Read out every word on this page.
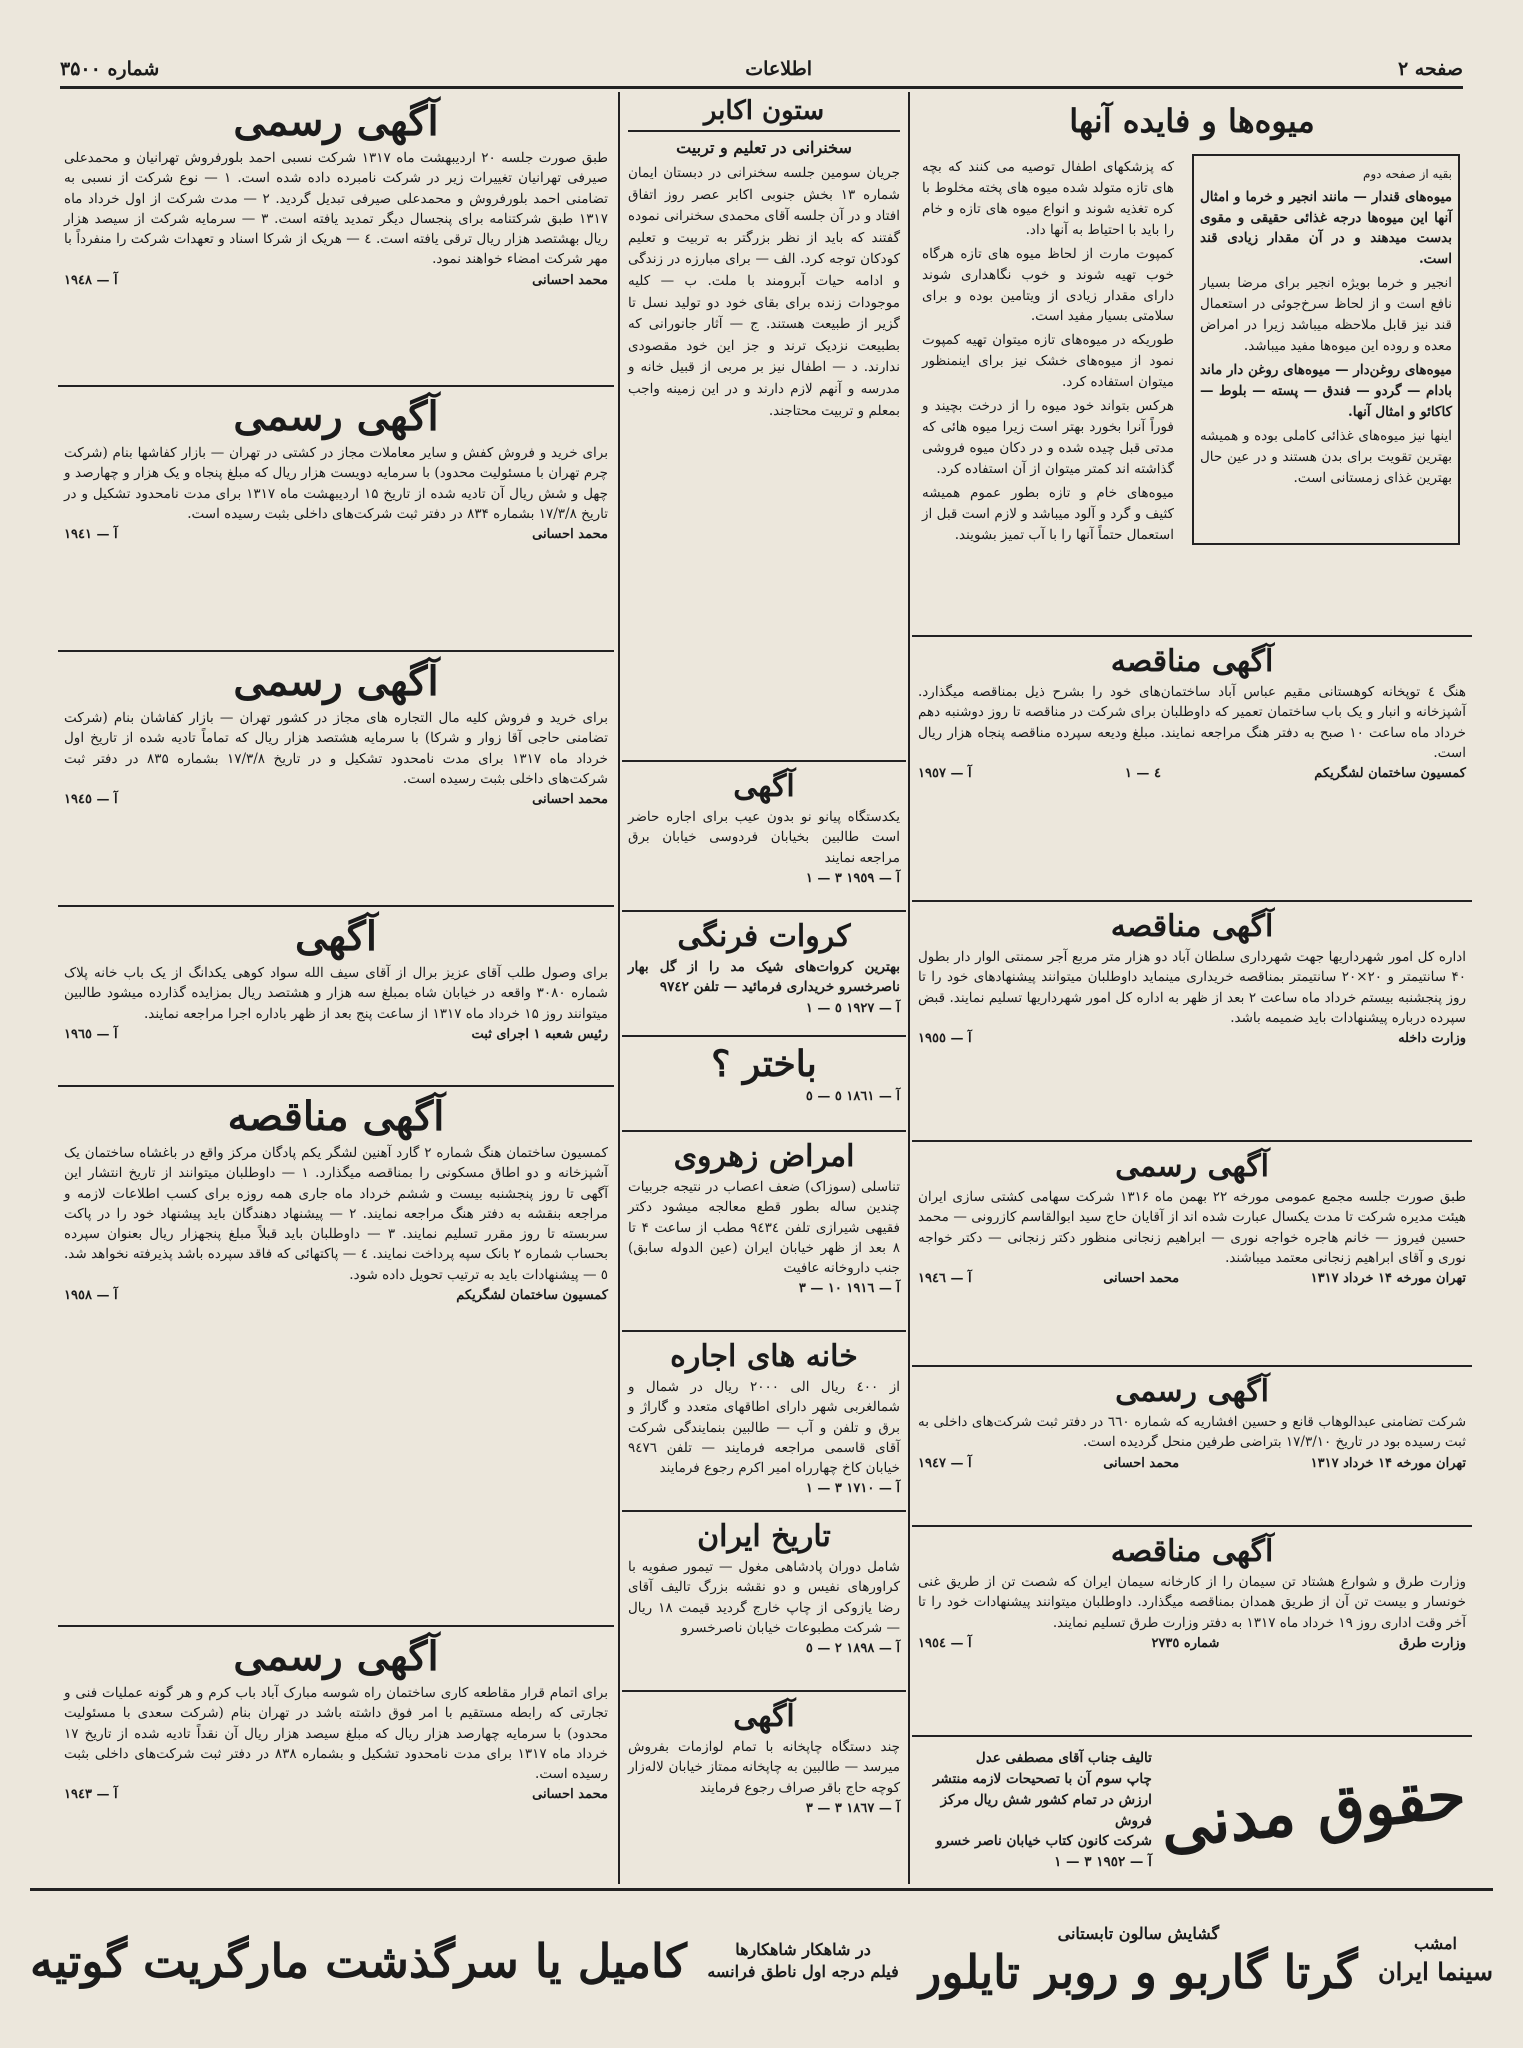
صفحه ۲
اطلاعات
شماره ۳۵۰۰
میوه‌ها و فایده آنها

بقیه از صفحه دوم

میوه‌های قندار — مانند انجیر و خرما و امثال آنها این میوه‌ها درجه غذائی حقیقی و مقوی بدست میدهند و در آن مقدار زیادی قند است.

انجیر و خرما بویژه انجیر برای مرضا بسیار نافع است و از لحاظ سرخ‌جوئی در استعمال قند نیز قابل ملاحظه میباشد زیرا در امراض معده و روده این میوه‌ها مفید میباشد.

میوه‌های روغن‌دار — میوه‌های روغن دار ماند بادام — گردو — فندق — پسته — بلوط — کاکائو و امثال آنها.

اینها نیز میوه‌های غذائی کاملی بوده و همیشه بهترین تقویت برای بدن هستند و در عین حال بهترین غذای زمستانی است.

که پزشکهای اطفال توصیه می کنند که بچه های تازه متولد شده میوه های پخته مخلوط با کره تغذیه شوند و انواع میوه های تازه و خام را باید با احتیاط به آنها داد.

کمپوت مارت از لحاظ میوه های تازه هرگاه خوب تهیه شوند و خوب نگاهداری شوند دارای مقدار زیادی از ویتامین بوده و برای سلامتی بسیار مفید است.

طوریکه در میوه‌های تازه میتوان تهیه کمپوت نمود از میوه‌های خشک نیز برای اینمنظور میتوان استفاده کرد.

هرکس بتواند خود میوه را از درخت بچیند و فوراً آنرا بخورد بهتر است زیرا میوه هائی که مدتی قبل چیده شده و در دکان میوه فروشی گذاشته اند کمتر میتوان از آن استفاده کرد.

میوه‌های خام و تازه بطور عموم همیشه کثیف و گرد و آلود میباشد و لازم است قبل از استعمال حتماً آنها را با آب تمیز بشویند.

آگهی مناقصه

هنگ ٤ توپخانه کوهستانی مقیم عباس آباد ساختمان‌های خود را بشرح ذیل بمناقصه میگذارد. آشپزخانه و انبار و یک باب ساختمان تعمیر که داوطلبان برای شرکت در مناقصه تا روز دوشنبه دهم خرداد ماه ساعت ۱۰ صبح به دفتر هنگ مراجعه نمایند. مبلغ ودیعه سپرده مناقصه پنجاه هزار ریال است.

کمسیون ساختمان لشگریکم
٤ — ١
آ — ١٩٥٧
آگهی مناقصه

اداره کل امور شهرداریها جهت شهرداری سلطان آباد دو هزار متر مربع آجر سمنتی الوار دار بطول ۴۰ سانتیمتر و ۲۰×۲۰ سانتیمتر بمناقصه خریداری مینماید داوطلبان میتوانند پیشنهادهای خود را تا روز پنجشنبه بیستم خرداد ماه ساعت ۲ بعد از ظهر به اداره کل امور شهرداریها تسلیم نمایند. قبض سپرده درباره پیشنهادات باید ضمیمه باشد.

وزارت داخله
آ — ١٩٥٥
آگهی رسمی

طبق صورت جلسه مجمع عمومی مورخه ۲۲ بهمن ماه ۱۳۱۶ شرکت سهامی کشتی سازی ایران هیئت مدیره شرکت تا مدت یکسال عبارت شده اند از آقایان حاج سید ابوالقاسم کازرونی — محمد حسین فیروز — خانم هاجره خواجه نوری — ابراهیم زنجانی منظور دکتر زنجانی — دکتر خواجه نوری و آقای ابراهیم زنجانی معتمد میباشند.

تهران مورخه ۱۴ خرداد ۱۳۱۷
محمد احسانی
آ — ١٩٤٦
آگهی رسمی

شرکت تضامنی عبدالوهاب قانع و حسین افشاریه که شماره ٦٦٠ در دفتر ثبت شرکت‌های داخلی به ثبت رسیده بود در تاریخ ۱۷/۳/۱۰ بتراضی طرفین منحل گردیده است.

تهران مورخه ۱۴ خرداد ۱۳۱۷
محمد احسانی
آ — ١٩٤٧
آگهی مناقصه

وزارت طرق و شوارع هشتاد تن سیمان را از کارخانه سیمان ایران که شصت تن از طریق غنی خونسار و بیست تن آن از طریق همدان بمناقصه میگذارد. داوطلبان میتوانند پیشنهادات خود را تا آخر وقت اداری روز ۱۹ خرداد ماه ۱۳۱۷ به دفتر وزارت طرق تسلیم نمایند.

وزارت طرق
شماره ٢٧٣٥
آ — ١٩٥٤
حقوق مدنی
تالیف جناب آقای مصطفی عدل
چاپ سوم آن با تصحیحات لازمه منتشر
ارزش در تمام کشور شش ریال مرکز فروش
شرکت کانون کتاب خیابان ناصر خسرو
آ — ١٩٥٢ ٣ — ١
ستون اکابر
سخنرانی در تعلیم و تربیت

جریان سومین جلسه سخنرانی در دبستان ایمان شماره ۱۳ بخش جنوبی اکابر عصر روز اتفاق افتاد و در آن جلسه آقای محمدی سخنرانی نموده گفتند که باید از نظر بزرگتر به تربیت و تعلیم کودکان توجه کرد. الف — برای مبارزه در زندگی و ادامه حیات آبرومند با ملت. ب — کلیه موجودات زنده برای بقای خود دو تولید نسل تا گزیر از طبیعت هستند. ج — آثار جانورانی که بطبیعت نزدیک ترند و جز این خود مقصودی ندارند. د — اطفال نیز بر مربی از قبیل خانه و مدرسه و آنهم لازم دارند و در این زمینه واجب بمعلم و تربیت محتاجند.

آگهی

یکدستگاه پیانو نو بدون عیب برای اجاره حاضر است طالبین بخیابان فردوسی خیابان برق مراجعه نمایند

آ — ١٩٥٩ ٣ — ١
کروات فرنگی

بهترین کروات‌های شیک مد را از گل بهار ناصرخسرو خریداری فرمائید — تلفن ٩٧٤٢

آ — ١٩٢٧ ٥ — ١
باختر ؟
آ — ١٨٦١ ٥ — ٥
امراض زهروی

تناسلی (سوزاک) ضعف اعصاب در نتیجه جربیات چندین ساله بطور قطع معالجه میشود دکتر فقیهی شیرازی تلفن ٩٤٣٤ مطب از ساعت ۴ تا ۸ بعد از ظهر خیابان ایران (عین الدوله سابق) جنب داروخانه عافیت

آ — ١٩١٦ ١٠ — ٣
خانه های اجاره

از ٤٠٠ ریال الی ٢٠٠٠ ریال در شمال و شمالغربی شهر دارای اطاقهای متعدد و گاراژ و برق و تلفن و آب — طالبین بنمایندگی شرکت آقای قاسمی مراجعه فرمایند — تلفن ٩٤٧٦ خیابان کاخ چهارراه امیر اکرم رجوع فرمایند

آ — ١٧١٠ ٣ — ١
تاریخ ایران

شامل دوران پادشاهی مغول — تیمور صفویه با کراورهای نفیس و دو نقشه بزرگ تالیف آقای رضا یازوکی از چاپ خارج گردید قیمت ۱۸ ریال — شرکت مطبوعات خیابان ناصرخسرو

آ — ١٨٩٨ ٢ — ٥
آگهی

چند دستگاه چاپخانه با تمام لوازمات بفروش میرسد — طالبین به چاپخانه ممتاز خیابان لاله‌زار کوچه حاج باقر صراف رجوع فرمایند

آ — ١٨٦٧ ٣ — ٣
آگهی رسمی

طبق صورت جلسه ۲۰ اردیبهشت ماه ۱۳۱۷ شرکت نسبی احمد بلورفروش تهرانیان و محمدعلی صیرفی تهرانیان تغییرات زیر در شرکت نامبرده داده شده است. ١ — نوع شرکت از نسبی به تضامنی احمد بلورفروش و محمدعلی صیرفی تبدیل گردید. ٢ — مدت شرکت از اول خرداد ماه ۱۳۱۷ طبق شرکتنامه برای پنجسال دیگر تمدید یافته است. ٣ — سرمایه شرکت از سیصد هزار ریال بهشتصد هزار ریال ترقی یافته است. ٤ — هریک از شرکا اسناد و تعهدات شرکت را منفرداً با مهر شرکت امضاء خواهند نمود.

محمد احسانی
آ — ١٩٤٨
آگهی رسمی

برای خرید و فروش کفش و سایر معاملات مجاز در کشتی در تهران — بازار کفاشها بنام (شرکت چرم تهران با مسئولیت محدود) با سرمایه دویست هزار ریال که مبلغ پنجاه و یک هزار و چهارصد و چهل و شش ریال آن تادیه شده از تاریخ ۱۵ اردیبهشت ماه ۱۳۱۷ برای مدت نامحدود تشکیل و در تاریخ ۱۷/۳/۸ بشماره ۸۳۴ در دفتر ثبت شرکت‌های داخلی بثبت رسیده است.

محمد احسانی
آ — ١٩٤١
آگهی رسمی

برای خرید و فروش کلیه مال التجاره های مجاز در کشور تهران — بازار کفاشان بنام (شرکت تضامنی حاجی آقا زوار و شرکا) با سرمایه هشتصد هزار ریال که تماماً تادیه شده از تاریخ اول خرداد ماه ۱۳۱۷ برای مدت نامحدود تشکیل و در تاریخ ۱۷/۳/۸ بشماره ۸۳۵ در دفتر ثبت شرکت‌های داخلی بثبت رسیده است.

محمد احسانی
آ — ١٩٤٥
آگهی

برای وصول طلب آقای عزیز برال از آقای سیف الله سواد کوهی یکدانگ از یک باب خانه پلاک شماره ۳۰۸۰ واقعه در خیابان شاه بمبلغ سه هزار و هشتصد ریال بمزایده گذارده میشود طالبین میتوانند روز ۱۵ خرداد ماه ۱۳۱۷ از ساعت پنج بعد از ظهر باداره اجرا مراجعه نمایند.

رئیس شعبه ۱ اجرای ثبت
آ — ١٩٦٥
آگهی مناقصه

کمسیون ساختمان هنگ شماره ۲ گارد آهنین لشگر یکم پادگان مرکز واقع در باغشاه ساختمان یک آشپزخانه و دو اطاق مسکونی را بمناقصه میگذارد. ١ — داوطلبان میتوانند از تاریخ انتشار این آگهی تا روز پنجشنبه بیست و ششم خرداد ماه جاری همه روزه برای کسب اطلاعات لازمه و مراجعه بنقشه به دفتر هنگ مراجعه نمایند. ٢ — پیشنهاد دهندگان باید پیشنهاد خود را در پاکت سربسته تا روز مقرر تسلیم نمایند. ٣ — داوطلبان باید قبلاً مبلغ پنجهزار ریال بعنوان سپرده بحساب شماره ۲ بانک سپه پرداخت نمایند. ٤ — پاکتهائی که فاقد سپرده باشد پذیرفته نخواهد شد. ٥ — پیشنهادات باید به ترتیب تحویل داده شود.

کمسیون ساختمان لشگریکم
آ — ١٩٥٨
آگهی رسمی

برای اتمام قرار مقاطعه کاری ساختمان راه شوسه مبارک آباد باب کرم و هر گونه عملیات فنی و تجارتی که رابطه مستقیم با امر فوق داشته باشد در تهران بنام (شرکت سعدی با مسئولیت محدود) با سرمایه چهارصد هزار ریال که مبلغ سیصد هزار ریال آن نقداً تادیه شده از تاریخ ۱۷ خرداد ماه ۱۳۱۷ برای مدت نامحدود تشکیل و بشماره ۸۳۸ در دفتر ثبت شرکت‌های داخلی بثبت رسیده است.

محمد احسانی
آ — ١٩٤٣
امشب
سینما ایران
گشایش سالون تابستانی
گرتا گاربو و روبر تایلور
در شاهکار شاهکارها
فیلم درجه اول ناطق فرانسه
کامیل یا سرگذشت مارگریت گوتیه
